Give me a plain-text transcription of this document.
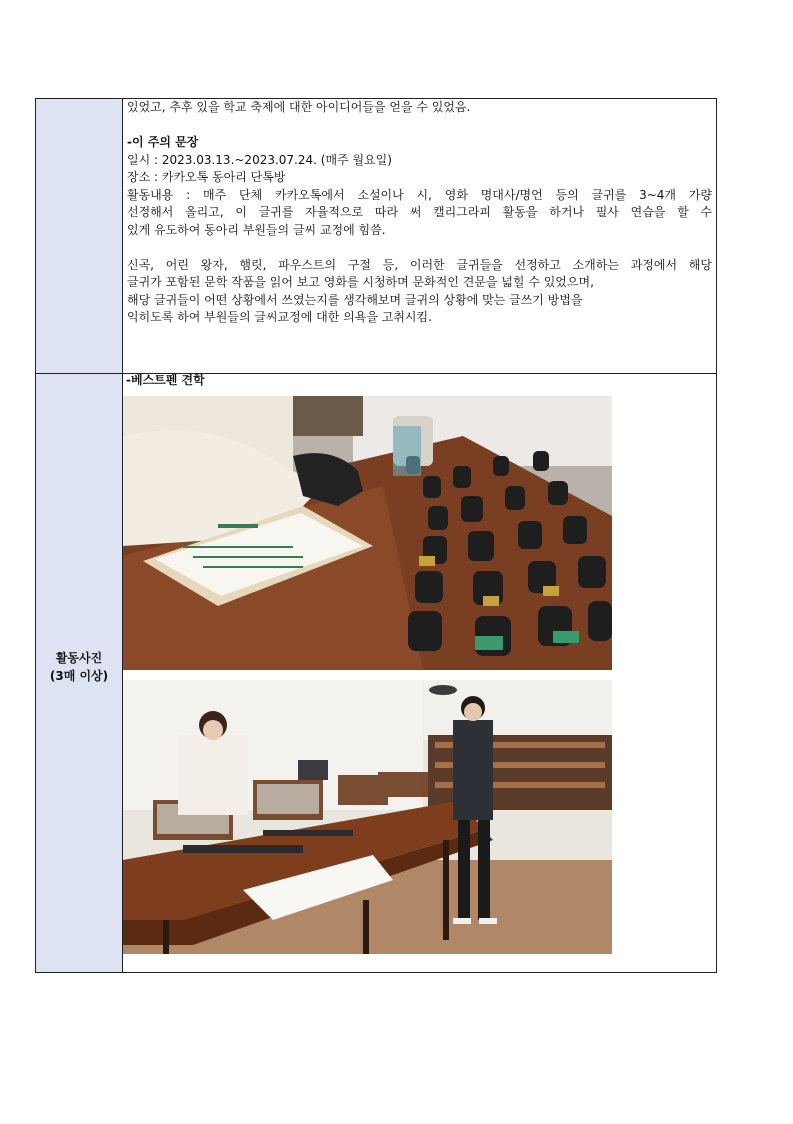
있었고, 추후 있을 학교 축제에 대한 아이디어들을 얻을 수 있었음.

-이 주의 문장

일시 : 2023.03.13.~2023.07.24. (매주 월요일)

장소 : 카카오톡 동아리 단톡방

활동내용 : 매주 단체 카카오톡에서 소설이나 시, 영화 명대사/명언 등의 글귀를 3~4개 가량

선정해서 올리고, 이 글귀를 자율적으로 따라 써 캘리그라피 활동을 하거나 필사 연습을 할 수

있게 유도하여 동아리 부원들의 글씨 교정에 힘씀.

신곡, 어린 왕자, 햄릿, 파우스트의 구절 등, 이러한 글귀들을 선정하고 소개하는 과정에서 해당

글귀가 포함된 문학 작품을 읽어 보고 영화를 시청하며 문화적인 견문을 넓힐 수 있었으며,

해당 글귀들이 어떤 상황에서 쓰였는지를 생각해보며 글귀의 상황에 맞는 글쓰기 방법을

익히도록 하여 부원들의 글씨교정에 대한 의욕을 고취시킴.

활동사진
(3매 이상)

-베스트펜 견학
